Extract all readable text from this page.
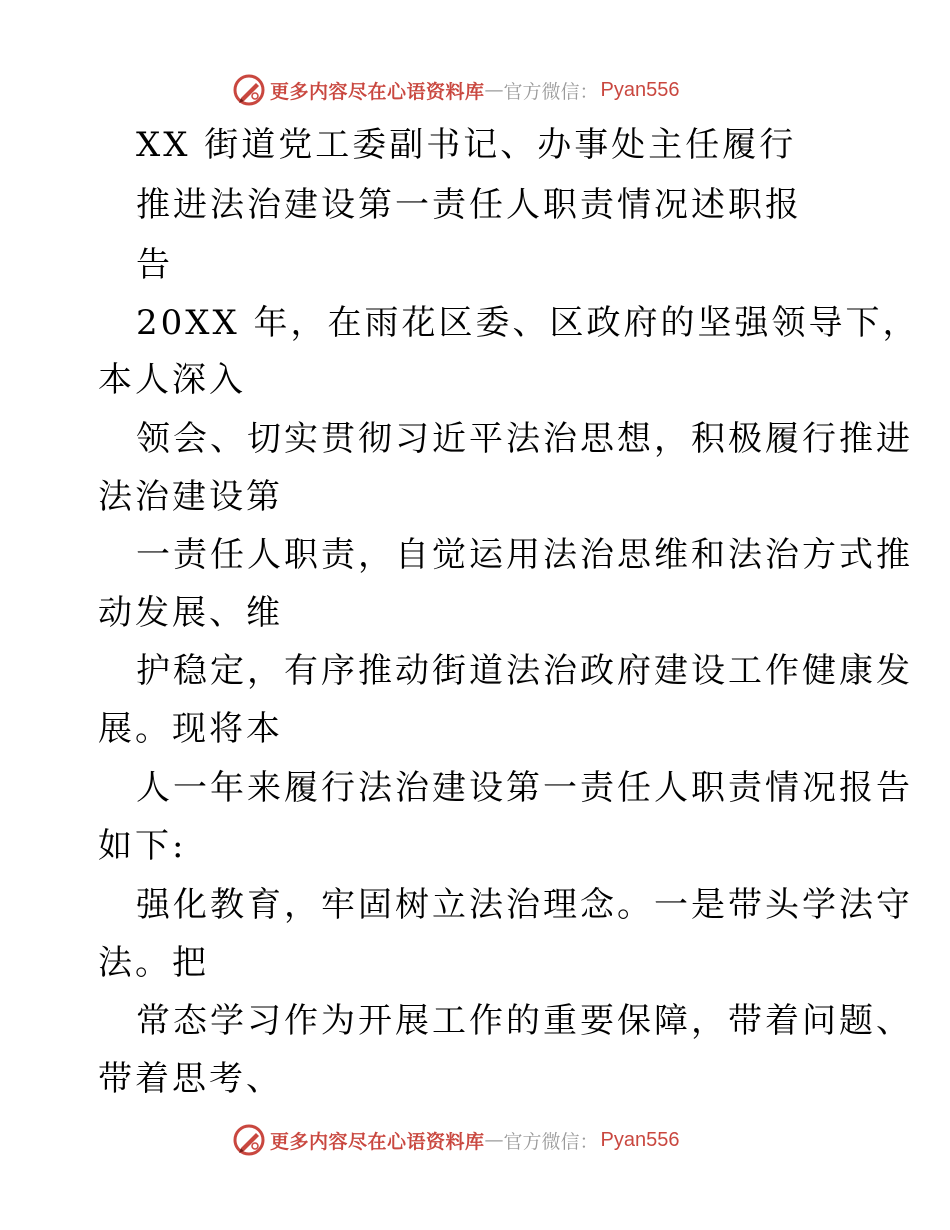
更多内容尽在心语资料库 — 官方微信： Pyan556
XX 街道党工委副书记、办事处主任履行
推进法治建设第一责任人职责情况述职报
告
20XX 年，在雨花区委、区政府的坚强领导下，
本人深入
领会、切实贯彻习近平法治思想，积极履行推进
法治建设第
一责任人职责，自觉运用法治思维和法治方式推
动发展、维
护稳定，有序推动街道法治政府建设工作健康发
展。现将本
人一年来履行法治建设第一责任人职责情况报告
如下:
强化教育，牢固树立法治理念。一是带头学法守
法。把
常态学习作为开展工作的重要保障，带着问题、
带着思考、
更多内容尽在心语资料库 — 官方微信： Pyan556
